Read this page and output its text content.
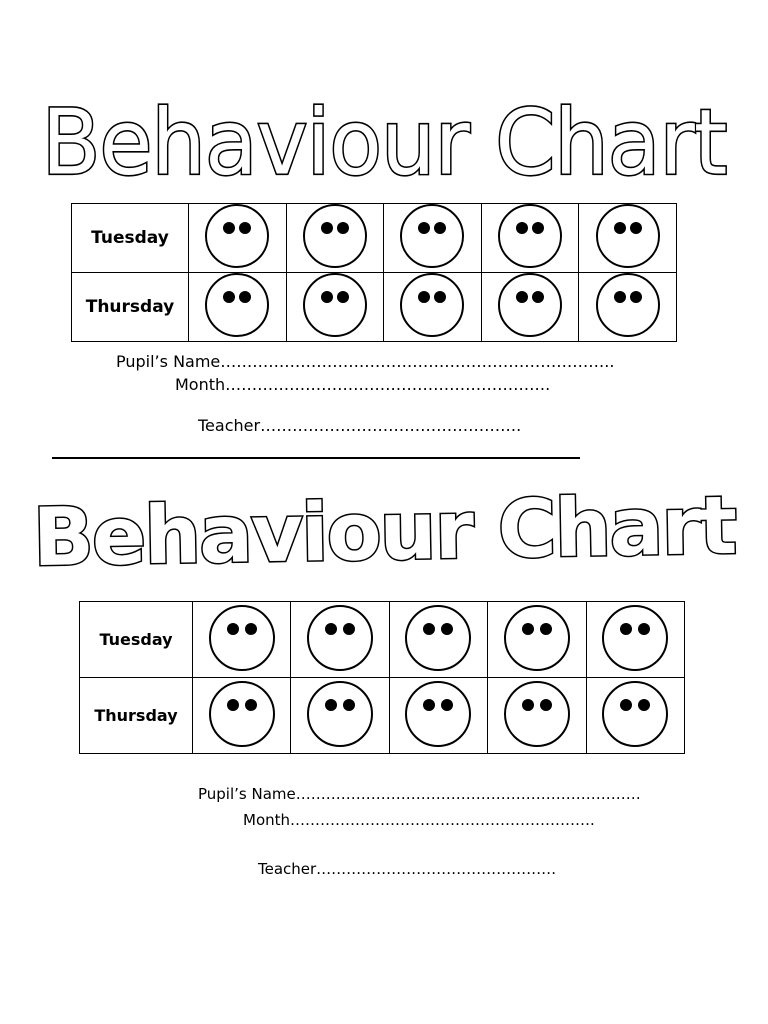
Behaviour Chart
Tuesday	

Thursday	

Pupil’s Name………………………………………………………………..

Month…………………………………………………….

Teacher………………………………………….

Behaviour Chart
Tuesday	

Thursday	

Pupil’s Name……………………………………………………………

Month…………………………………………………….

Teacher…………………………………………
